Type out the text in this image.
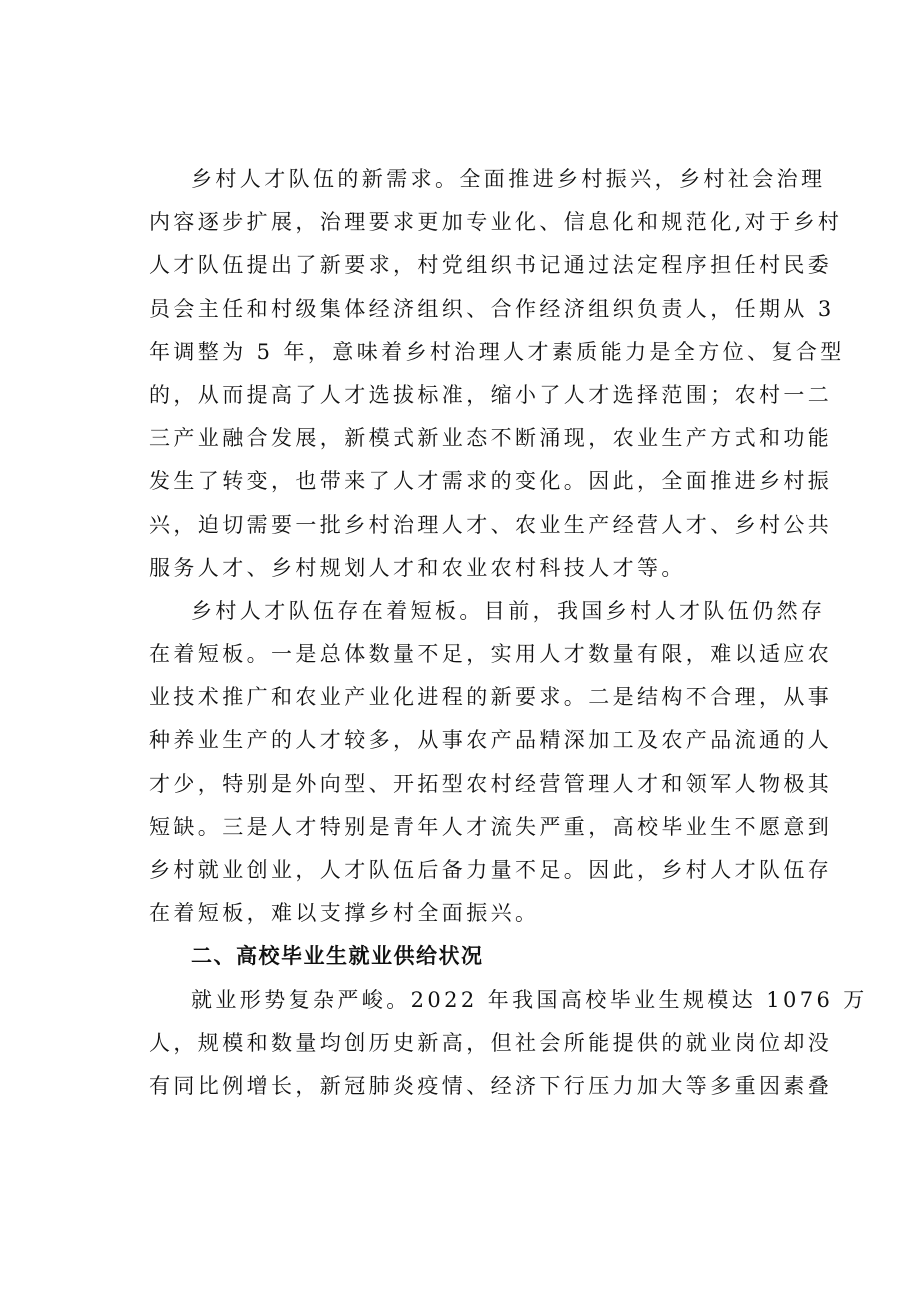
乡村人才队伍的新需求。全面推进乡村振兴，乡村社会治理
内容逐步扩展，治理要求更加专业化、信息化和规范化,对于乡村
人才队伍提出了新要求，村党组织书记通过法定程序担任村民委
员会主任和村级集体经济组织、合作经济组织负责人，任期从 3
年调整为 5 年，意味着乡村治理人才素质能力是全方位、复合型
的，从而提高了人才选拔标准，缩小了人才选择范围；农村一二
三产业融合发展，新模式新业态不断涌现，农业生产方式和功能
发生了转变，也带来了人才需求的变化。因此，全面推进乡村振
兴，迫切需要一批乡村治理人才、农业生产经营人才、乡村公共
服务人才、乡村规划人才和农业农村科技人才等。
乡村人才队伍存在着短板。目前，我国乡村人才队伍仍然存
在着短板。一是总体数量不足，实用人才数量有限，难以适应农
业技术推广和农业产业化进程的新要求。二是结构不合理，从事
种养业生产的人才较多，从事农产品精深加工及农产品流通的人
才少，特别是外向型、开拓型农村经营管理人才和领军人物极其
短缺。三是人才特别是青年人才流失严重，高校毕业生不愿意到
乡村就业创业，人才队伍后备力量不足。因此，乡村人才队伍存
在着短板，难以支撑乡村全面振兴。
二、高校毕业生就业供给状况
就业形势复杂严峻。2022 年我国高校毕业生规模达 1076 万
人，规模和数量均创历史新高，但社会所能提供的就业岗位却没
有同比例增长，新冠肺炎疫情、经济下行压力加大等多重因素叠
